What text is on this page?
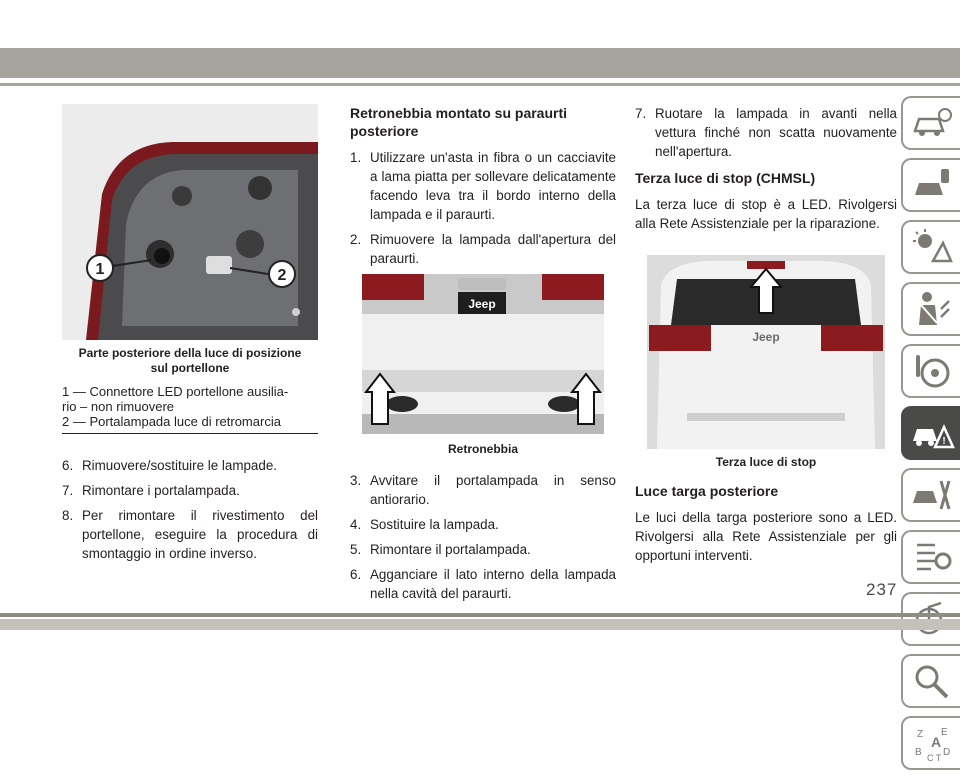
1	2
Parte posteriore della luce di posizione
sul portellone
1 — Connettore LED portellone ausilia-
rio – non rimuovere
2 — Portalampada luce di retromarcia
6. Rimuovere/sostituire le lampade.
7. Rimontare i portalampada.
8. Per rimontare il rivestimento del portellone, eseguire la procedura di smontaggio in ordine inverso.
Retronebbia montato su paraurti posteriore
1. Utilizzare un'asta in fibra o un cacciavite a lama piatta per sollevare delicatamente facendo leva tra il bordo interno della lampada e il paraurti.
2. Rimuovere la lampada dall'apertura del paraurti.
Jeep
Retronebbia
3. Avvitare il portalampada in senso antiorario.
4. Sostituire la lampada.
5. Rimontare il portalampada.
6. Agganciare il lato interno della lampada nella cavità del paraurti.
7. Ruotare la lampada in avanti nella vettura finché non scatta nuovamente nell'apertura.
Terza luce di stop (CHMSL)
La terza luce di stop è a LED. Rivolgersi alla Rete Assistenziale per la riparazione.
Jeep
Terza luce di stop
Luce targa posteriore
Le luci della targa posteriore sono a LED. Rivolgersi alla Rete Assistenziale per gli opportuni interventi.
!
Z E
A
B D
C T
237
